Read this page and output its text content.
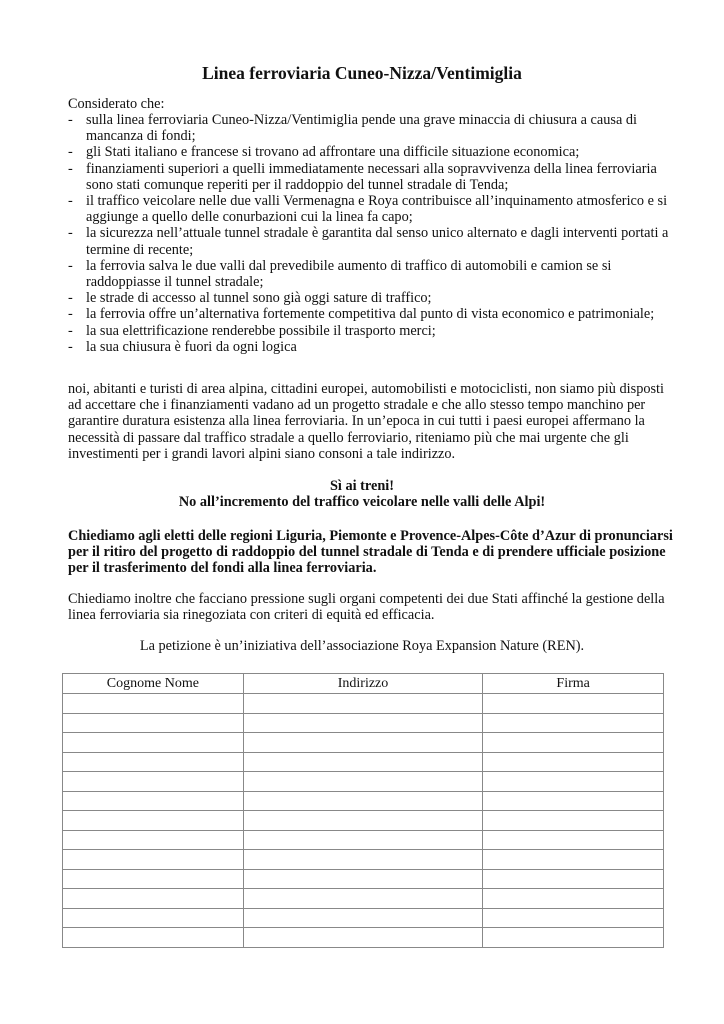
Linea ferroviaria Cuneo-Nizza/Ventimiglia
Considerato che:
- sulla linea ferroviaria Cuneo-Nizza/Ventimiglia pende una grave minaccia di chiusura a causa di mancanza di fondi;
- gli Stati italiano e francese si trovano ad affrontare una difficile situazione economica;
- finanziamenti superiori a quelli immediatamente necessari alla sopravvivenza della linea ferroviaria sono stati comunque reperiti per il raddoppio del tunnel stradale di Tenda;
- il traffico veicolare nelle due valli Vermenagna e Roya contribuisce all’inquinamento atmosferico e si aggiunge a quello delle conurbazioni cui la linea fa capo;
- la sicurezza nell’attuale tunnel stradale è garantita dal senso unico alternato e dagli interventi portati a termine di recente;
- la ferrovia salva le due valli dal prevedibile aumento di traffico di automobili e camion se si raddoppiasse il tunnel stradale;
- le strade di accesso al tunnel sono già oggi sature di traffico;
- la ferrovia offre un’alternativa fortemente competitiva dal punto di vista economico e patrimoniale;
- la sua elettrificazione renderebbe possibile il trasporto merci;
- la sua chiusura è fuori da ogni logica
noi, abitanti e turisti di area alpina, cittadini europei, automobilisti e motociclisti, non siamo più disposti ad accettare che i finanziamenti vadano ad un progetto stradale e che allo stesso tempo manchino per garantire duratura esistenza alla linea ferroviaria. In un’epoca in cui tutti i paesi europei affermano la necessità di passare dal traffico stradale a quello ferroviario, riteniamo più che mai urgente che gli investimenti per i grandi lavori alpini siano consoni a tale indirizzo.
Sì ai treni!
No all’incremento del traffico veicolare nelle valli delle Alpi!
Chiediamo agli eletti delle regioni Liguria, Piemonte e Provence-Alpes-Côte d’Azur di pronunciarsi per il ritiro del progetto di raddoppio del tunnel stradale di Tenda e di prendere ufficiale posizione per il trasferimento del fondi alla linea ferroviaria.
Chiediamo inoltre che facciano pressione sugli organi competenti dei due Stati affinché la gestione della linea ferroviaria sia rinegoziata con criteri di equità ed efficacia.
La petizione è un’iniziativa dell’associazione Roya Expansion Nature (REN).
Cognome Nome	Indirizzo	Firma
